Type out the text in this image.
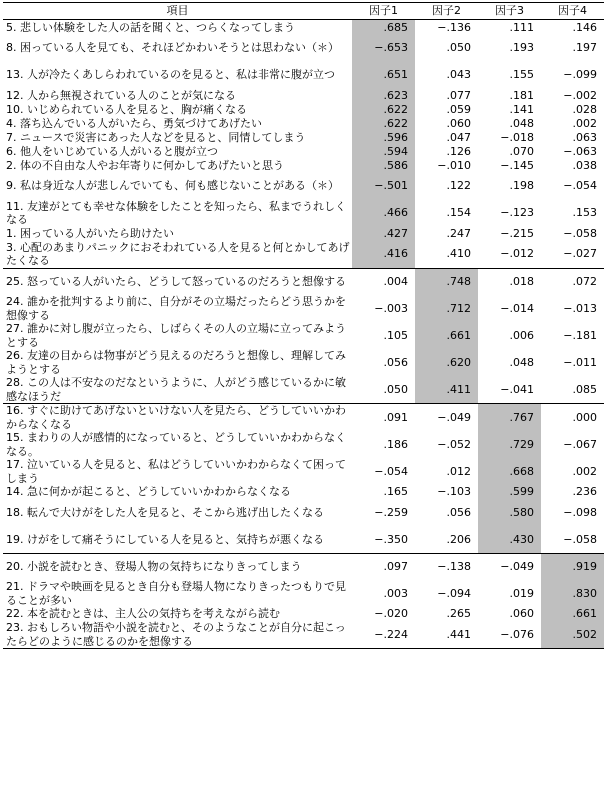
項目	因子1	因子2	因子3	因子4
5. 悲しい体験をした人の話を聞くと、つらくなってしまう	.685	−.136	.111	.146
8. 困っている人を見ても、それほどかわいそうとは思わない（＊）	−.653	.050	.193	.197
13. 人が冷たくあしらわれているのを見ると、私は非常に腹が立つ	.651	.043	.155	−.099
12. 人から無視されている人のことが気になる	.623	.077	.181	−.002
10. いじめられている人を見ると、胸が痛くなる	.622	.059	.141	.028
4. 落ち込んでいる人がいたら、勇気づけてあげたい	.622	.060	.048	.002
7. ニュースで災害にあった人などを見ると、同情してしまう	.596	.047	−.018	.063
6. 他人をいじめている人がいると腹が立つ	.594	.126	.070	−.063
2. 体の不自由な人やお年寄りに何かしてあげたいと思う	.586	−.010	−.145	.038
9. 私は身近な人が悲しんでいても、何も感じないことがある（＊）	−.501	.122	.198	−.054
11. 友達がとても幸せな体験をしたことを知ったら、私までうれしくなる	.466	.154	−.123	.153
1. 困っている人がいたら助けたい	.427	.247	−.215	−.058
3. 心配のあまりパニックにおそわれている人を見ると何とかしてあげたくなる	.416	.410	−.012	−.027
25. 怒っている人がいたら、どうして怒っているのだろうと想像する	.004	.748	.018	.072
24. 誰かを批判するより前に、自分がその立場だったらどう思うかを想像する	−.003	.712	−.014	−.013
27. 誰かに対し腹が立ったら、しばらくその人の立場に立ってみようとする	.105	.661	.006	−.181
26. 友達の目からは物事がどう見えるのだろうと想像し、理解してみようとする	.056	.620	.048	−.011
28. この人は不安なのだなというように、人がどう感じているかに敏感なほうだ	.050	.411	−.041	.085
16. すぐに助けてあげないといけない人を見たら、どうしていいかわからなくなる	.091	−.049	.767	.000
15. まわりの人が感情的になっていると、どうしていいかわからなくなる。	.186	−.052	.729	−.067
17. 泣いている人を見ると、私はどうしていいかわからなくて困ってしまう	−.054	.012	.668	.002
14. 急に何かが起こると、どうしていいかわからなくなる	.165	−.103	.599	.236
18. 転んで大けがをした人を見ると、そこから逃げ出したくなる	−.259	.056	.580	−.098
19. けがをして痛そうにしている人を見ると、気持ちが悪くなる	−.350	.206	.430	−.058
20. 小説を読むとき、登場人物の気持ちになりきってしまう	.097	−.138	−.049	.919
21. ドラマや映画を見るとき自分も登場人物になりきったつもりで見ることが多い	.003	−.094	.019	.830
22. 本を読むときは、主人公の気持ちを考えながら読む	−.020	.265	.060	.661
23. おもしろい物語や小説を読むと、そのようなことが自分に起こったらどのように感じるのかを想像する	−.224	.441	−.076	.502
